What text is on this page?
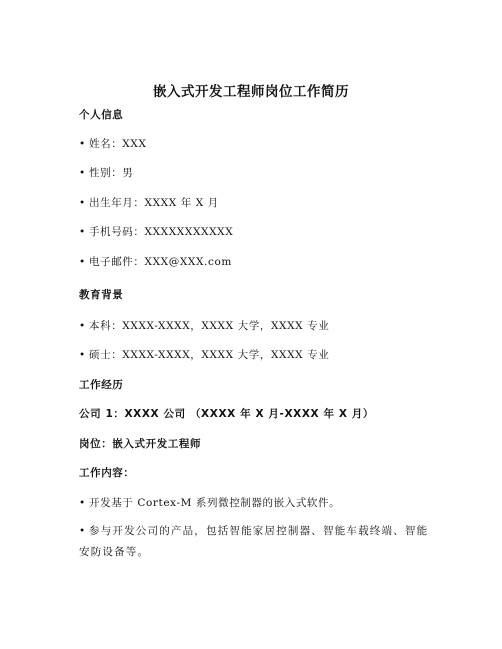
嵌入式开发工程师岗位工作简历
个人信息
• 姓名：XXX
• 性别：男
• 出生年月：XXXX 年 X 月
• 手机号码：XXXXXXXXXXX
• 电子邮件：XXX@XXX.com
教育背景
• 本科：XXXX-XXXX，XXXX 大学，XXXX 专业
• 硕士：XXXX-XXXX，XXXX 大学，XXXX 专业
工作经历
公司 1：XXXX 公司 （XXXX 年 X 月-XXXX 年 X 月）
岗位：嵌入式开发工程师
工作内容：
• 开发基于 Cortex-M 系列微控制器的嵌入式软件。
• 参与开发公司的产品，包括智能家居控制器、智能车载终端、智能安防设备等。
